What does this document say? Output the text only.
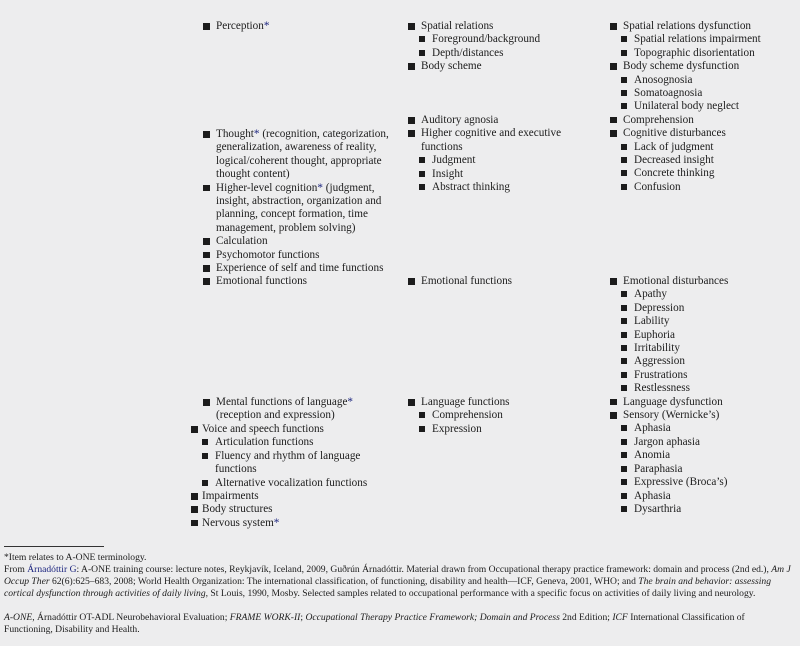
Perception*
Thought* (recognition, categorization, generalization, awareness of reality, logical/coherent thought, appropriate thought content)
Higher-level cognition* (judgment, insight, abstraction, organization and planning, concept formation, time management, problem solving)
Calculation
Psychomotor functions
Experience of self and time functions
Emotional functions
Mental functions of language* (reception and expression)
Voice and speech functions
Articulation functions
Fluency and rhythm of language functions
Alternative vocalization functions
Impairments
Body structures
Nervous system*
Spatial relations
Foreground/background
Depth/distances
Body scheme
Auditory agnosia
Higher cognitive and executive functions
Judgment
Insight
Abstract thinking
Emotional functions
Language functions
Comprehension
Expression
Spatial relations dysfunction
Spatial relations impairment
Topographic disorientation
Body scheme dysfunction
Anosognosia
Somatoagnosia
Unilateral body neglect
Comprehension
Cognitive disturbances
Lack of judgment
Decreased insight
Concrete thinking
Confusion
Emotional disturbances
Apathy
Depression
Lability
Euphoria
Irritability
Aggression
Frustrations
Restlessness
Language dysfunction
Sensory (Wernicke’s)
Aphasia
Jargon aphasia
Anomia
Paraphasia
Expressive (Broca’s)
Aphasia
Dysarthria
*Item relates to A-ONE terminology.
From Árnadóttir G: A-ONE training course: lecture notes, Reykjavík, Iceland, 2009, Guðrún Árnadóttir. Material drawn from Occupational therapy practice framework: domain and process (2nd ed.), Am J Occup Ther 62(6):625–683, 2008; World Health Organization: The international classification, of functioning, disability and health—ICF, Geneva, 2001, WHO; and The brain and behavior: assessing cortical dysfunction through activities of daily living, St Louis, 1990, Mosby. Selected samples related to occupational performance with a specific focus on activities of daily living and neurology.
A-ONE, Árnadóttir OT-ADL Neurobehavioral Evaluation; FRAME WORK-II; Occupational Therapy Practice Framework; Domain and Process 2nd Edition; ICF International Classification of Functioning, Disability and Health.
